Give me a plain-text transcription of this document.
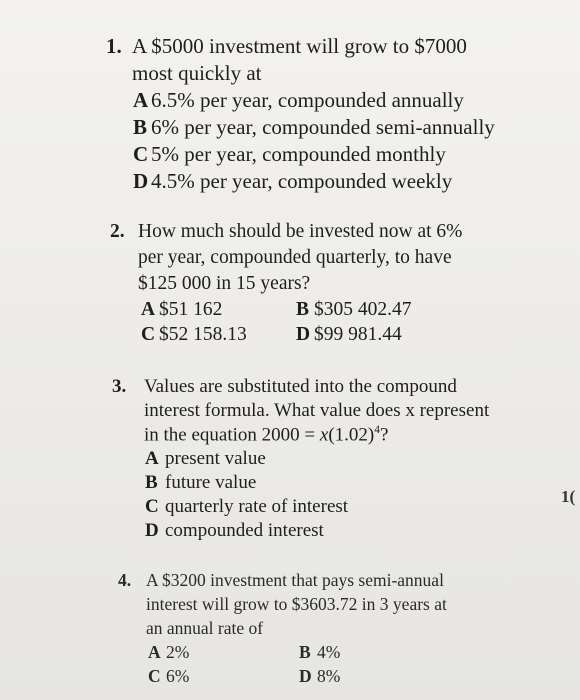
1. A $5000 investment will grow to $7000
most quickly at
A 6.5% per year, compounded annually
B 6% per year, compounded semi-annually
C 5% per year, compounded monthly
D 4.5% per year, compounded weekly
2. How much should be invested now at 6%
per year, compounded quarterly, to have
$125 000 in 15 years?
A $51 162	B $305 402.47
C $52 158.13	D $99 981.44
3. Values are substituted into the compound
interest formula. What value does x represent
in the equation $2000 = x(1.02)^4$?
A present value
B future value
C quarterly rate of interest
D compounded interest
4. A $3200 investment that pays semi-annual
interest will grow to $3603.72 in 3 years at
an annual rate of
A 2%	B 4%
C 6%	D 8%
1(
